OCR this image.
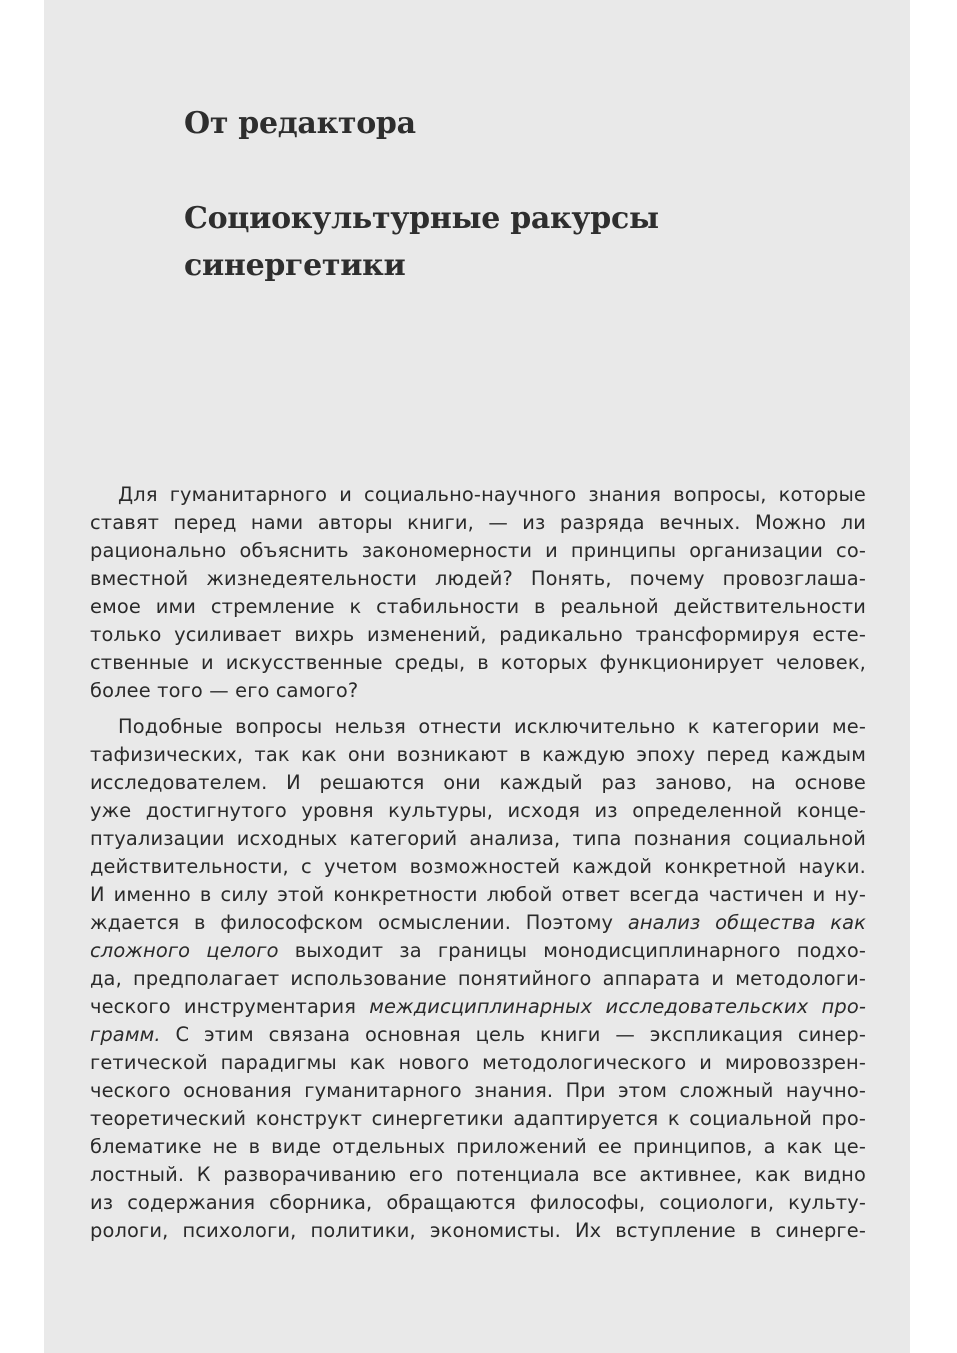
От редактора
Социокультурные ракурсы
синергетики

Для гуманитарного и социально-научного знания вопросы, которые
ставят перед нами авторы книги, — из разряда вечных. Можно ли
рационально объяснить закономерности и принципы организации со-
вместной жизнедеятельности людей? Понять, почему провозглаша-
емое ими стремление к стабильности в реальной действительности
только усиливает вихрь изменений, радикально трансформируя есте-
ственные и искусственные среды, в которых функционирует человек,
более того — его самого?

Подобные вопросы нельзя отнести исключительно к категории ме-
тафизических, так как они возникают в каждую эпоху перед каждым
исследователем. И решаются они каждый раз заново, на основе
уже достигнутого уровня культуры, исходя из определенной конце-
птуализации исходных категорий анализа, типа познания социальной
действительности, с учетом возможностей каждой конкретной науки.
И именно в силу этой конкретности любой ответ всегда частичен и ну-
ждается в философском осмыслении. Поэтому анализ общества как
сложного целого выходит за границы монодисциплинарного подхо-
да, предполагает использование понятийного аппарата и методологи-
ческого инструментария междисциплинарных исследовательских про-
грамм. С этим связана основная цель книги — экспликация синер-
гетической парадигмы как нового методологического и мировоззрен-
ческого основания гуманитарного знания. При этом сложный научно-
теоретический конструкт синергетики адаптируется к социальной про-
блематике не в виде отдельных приложений ее принципов, а как це-
лостный. К разворачиванию его потенциала все активнее, как видно
из содержания сборника, обращаются философы, социологи, культу-
рологи, психологи, политики, экономисты. Их вступление в синерге-
